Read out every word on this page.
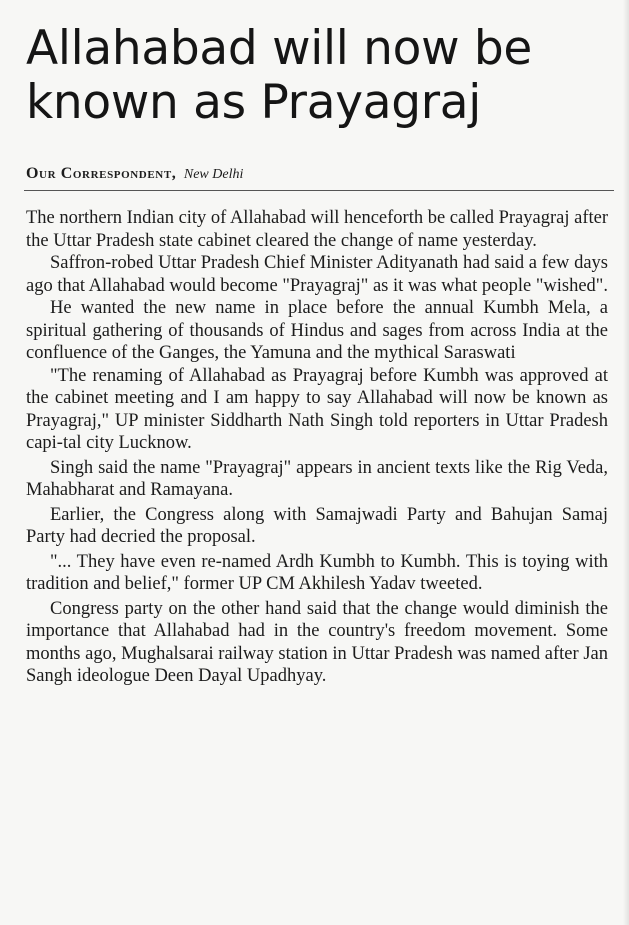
Allahabad will now be known as Prayagraj
Our Correspondent, New Delhi

The northern Indian city of Allahabad will henceforth be called Prayagraj after the Uttar Pradesh state cabinet cleared the change of name yesterday.

Saffron-robed Uttar Pradesh Chief Minister Adityanath had said a few days ago that Allahabad would become "Prayagraj" as it was what people "wished".

He wanted the new name in place before the annual Kumbh Mela, a spiritual gathering of thousands of Hindus and sages from across India at the confluence of the Ganges, the Yamuna and the mythical Saraswati

"The renaming of Allahabad as Prayagraj before Kumbh was approved at the cabinet meeting and I am happy to say Allahabad will now be known as Prayagraj," UP minister Siddharth Nath Singh told reporters in Uttar Pradesh capi-tal city Lucknow.

Singh said the name "Prayagraj" appears in ancient texts like the Rig Veda, Mahabharat and Ramayana.

Earlier, the Congress along with Samajwadi Party and Bahujan Samaj Party had decried the proposal.

"... They have even re-named Ardh Kumbh to Kumbh. This is toying with tradition and belief," former UP CM Akhilesh Yadav tweeted.

Congress party on the other hand said that the change would diminish the importance that Allahabad had in the country's freedom movement. Some months ago, Mughalsarai railway station in Uttar Pradesh was named after Jan Sangh ideologue Deen Dayal Upadhyay.
